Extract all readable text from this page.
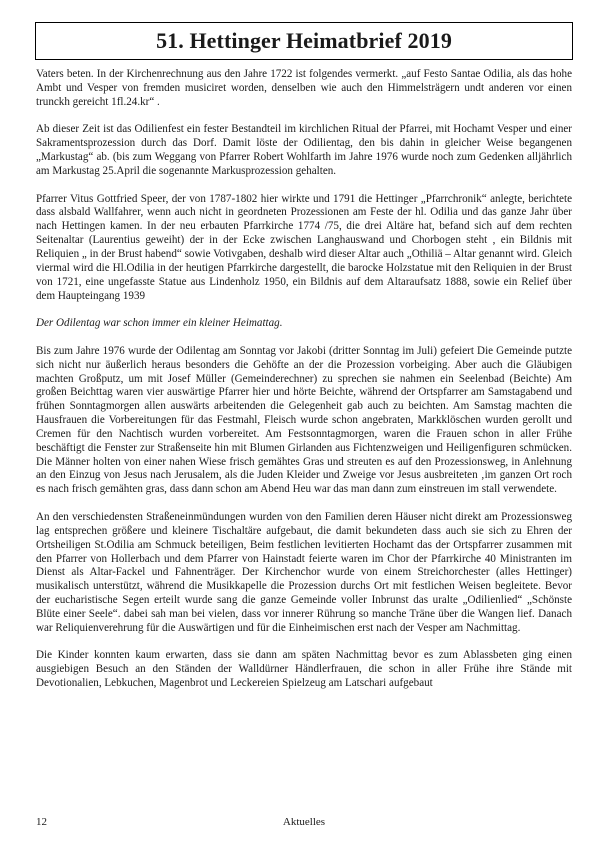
51. Hettinger Heimatbrief 2019

Vaters beten. In der Kirchenrechnung aus den Jahre 1722 ist folgendes vermerkt. „auf Festo Santae Odilia, als das hohe Ambt und Vesper von fremden musiciret worden, denselben wie auch den Himmelsträgern undt anderen vor einen trunckh gereicht 1fl.24.kr“ .

Ab dieser Zeit ist das Odilienfest ein fester Bestandteil im kirchlichen Ritual der Pfarrei, mit Hochamt Vesper und einer Sakramentsprozession durch das Dorf. Damit löste der Odilientag, den bis dahin in gleicher Weise begangenen „Markustag“ ab. (bis zum Weggang von Pfarrer Robert Wohlfarth im Jahre 1976 wurde noch zum Gedenken alljährlich am Markustag 25.April die sogenannte Markusprozession gehalten.

Pfarrer Vitus Gottfried Speer, der von 1787-1802 hier wirkte und 1791 die Hettinger „Pfarrchronik“ anlegte, berichtete dass alsbald Wallfahrer, wenn auch nicht in geordneten Prozessionen am Feste der hl. Odilia und das ganze Jahr über nach Hettingen kamen. In der neu erbauten Pfarrkirche 1774 /75, die drei Altäre hat, befand sich auf dem rechten Seitenaltar (Laurentius geweiht) der in der Ecke zwischen Langhauswand und Chorbogen steht , ein Bildnis mit Reliquien „ in der Brust habend“ sowie Votivgaben, deshalb wird dieser Altar auch „Othiliä – Altar genannt wird. Gleich viermal wird die Hl.Odilia in der heutigen Pfarrkirche dargestellt, die barocke Holzstatue mit den Reliquien in der Brust von 1721, eine ungefasste Statue aus Lindenholz 1950, ein Bildnis auf dem Altaraufsatz 1888, sowie ein Relief über dem Haupteingang 1939

Der Odilentag war schon immer ein kleiner Heimattag.

Bis zum Jahre 1976 wurde der Odilentag am Sonntag vor Jakobi (dritter Sonntag im Juli) gefeiert Die Gemeinde putzte sich nicht nur äußerlich heraus besonders die Gehöfte an der die Prozession vorbeiging. Aber auch die Gläubigen machten Großputz, um mit Josef Müller (Gemeinderechner) zu sprechen sie nahmen ein Seelenbad (Beichte) Am großen Beichttag waren vier auswärtige Pfarrer hier und hörte Beichte, während der Ortspfarrer am Samstagabend und frühen Sonntagmorgen allen auswärts arbeitenden die Gelegenheit gab auch zu beichten. Am Samstag machten die Hausfrauen die Vorbereitungen für das Festmahl, Fleisch wurde schon angebraten, Markklöschen wurden gerollt und Cremen für den Nachtisch wurden vorbereitet. Am Festsonntagmorgen, waren die Frauen schon in aller Frühe beschäftigt die Fenster zur Straßenseite hin mit Blumen Girlanden aus Fichtenzweigen und Heiligenfiguren schmücken. Die Männer holten von einer nahen Wiese frisch gemähtes Gras und streuten es auf den Prozessionsweg, in Anlehnung an den Einzug von Jesus nach Jerusalem, als die Juden Kleider und Zweige vor Jesus ausbreiteten ‚im ganzen Ort roch es nach frisch gemähten gras, dass dann schon am Abend Heu war das man dann zum einstreuen im stall verwendete.

An den verschiedensten Straßeneinmündungen wurden von den Familien deren Häuser nicht direkt am Prozessionsweg lag entsprechen größere und kleinere Tischaltäre aufgebaut, die damit bekundeten dass auch sie sich zu Ehren der Ortsheiligen St.Odilia am Schmuck beteiligen, Beim festlichen levitierten Hochamt das der Ortspfarrer zusammen mit den Pfarrer von Hollerbach und dem Pfarrer von Hainstadt feierte waren im Chor der Pfarrkirche 40 Ministranten im Dienst als Altar-Fackel und Fahnenträger. Der Kirchenchor wurde von einem Streichorchester (alles Hettinger) musikalisch unterstützt, während die Musikkapelle die Prozession durchs Ort mit festlichen Weisen begleitete. Bevor der eucharistische Segen erteilt wurde sang die ganze Gemeinde voller Inbrunst das uralte „Odilienlied“ „Schönste Blüte einer Seele“. dabei sah man bei vielen, dass vor innerer Rührung so manche Träne über die Wangen lief. Danach war Reliquienverehrung für die Auswärtigen und für die Einheimischen erst nach der Vesper am Nachmittag.

Die Kinder konnten kaum erwarten, dass sie dann am späten Nachmittag bevor es zum Ablassbeten ging einen ausgiebigen Besuch an den Ständen der Walldürner Händlerfrauen, die schon in aller Frühe ihre Stände mit Devotionalien, Lebkuchen, Magenbrot und Leckereien Spielzeug am Latschari aufgebaut

12	Aktuelles
